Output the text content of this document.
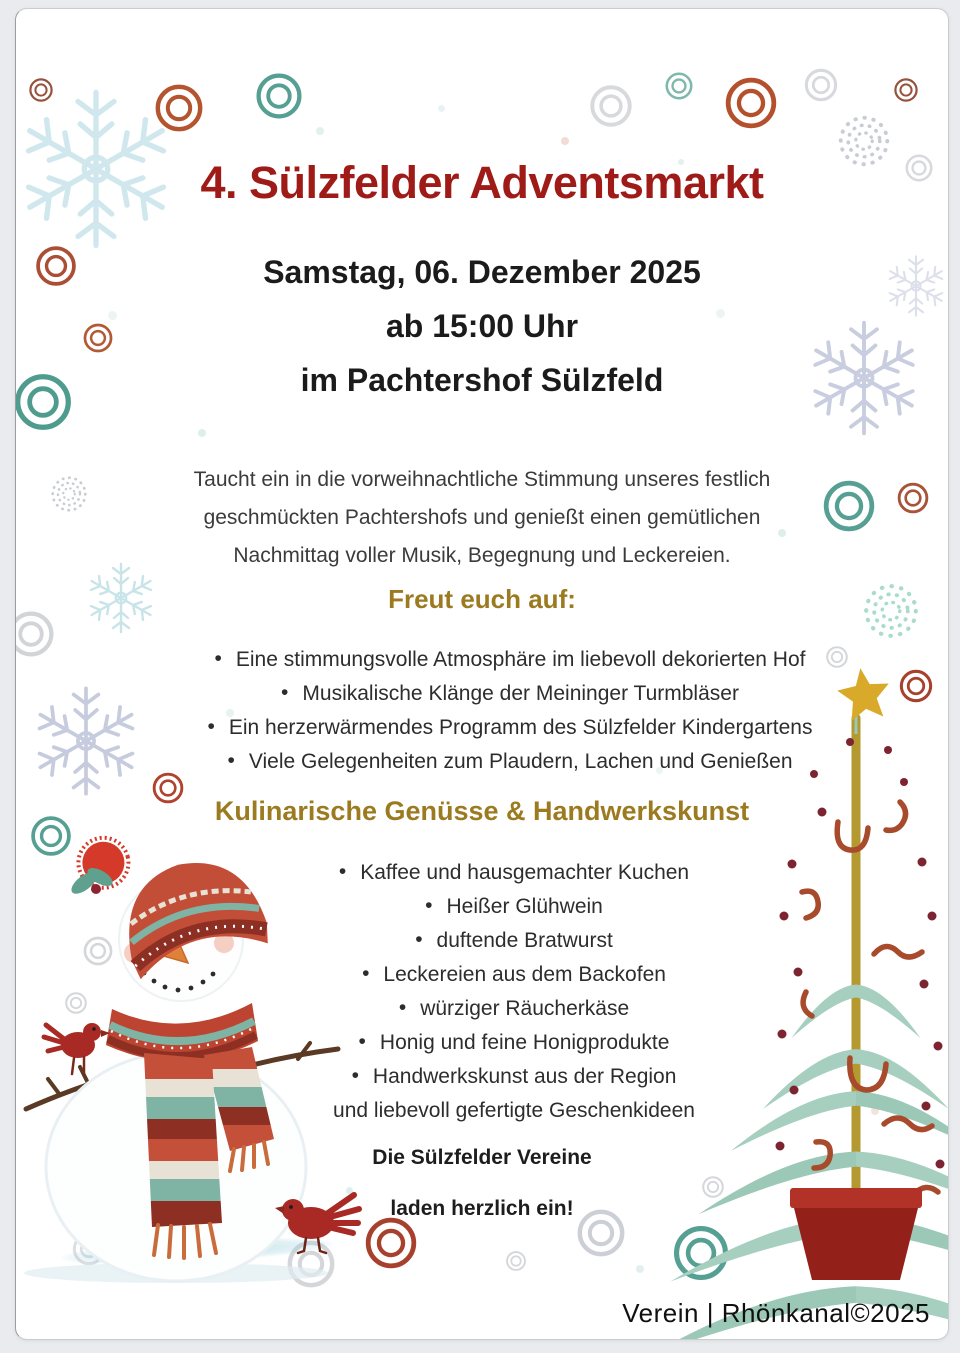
4. Sülzfelder Adventsmarkt
Samstag, 06. Dezember 2025
ab 15:00 Uhr
im Pachtershof Sülzfeld
Taucht ein in die vorweihnachtliche Stimmung unseres festlich
geschmückten Pachtershofs und genießt einen gemütlichen
Nachmittag voller Musik, Begegnung und Leckereien.
Freut euch auf:
• Eine stimmungsvolle Atmosphäre im liebevoll dekorierten Hof
• Musikalische Klänge der Meininger Turmbläser
• Ein herzerwärmendes Programm des Sülzfelder Kindergartens
• Viele Gelegenheiten zum Plaudern, Lachen und Genießen
Kulinarische Genüsse & Handwerkskunst
• Kaffee und hausgemachter Kuchen
• Heißer Glühwein
• duftende Bratwurst
• Leckereien aus dem Backofen
• würziger Räucherkäse
• Honig und feine Honigprodukte
• Handwerkskunst aus der Region
und liebevoll gefertigte Geschenkideen
Die Sülzfelder Vereine
laden herzlich ein!
Verein | Rhönkanal©2025
